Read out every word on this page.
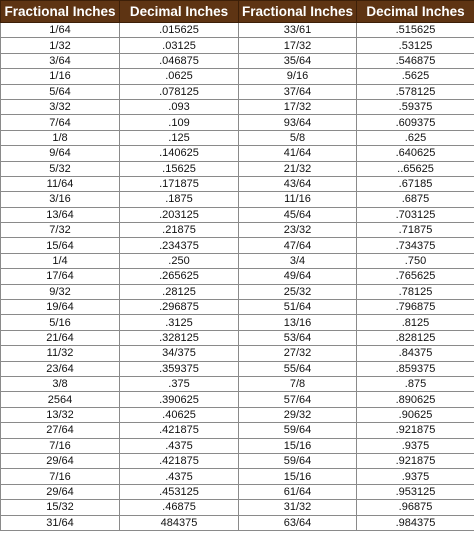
Fractional Inches	Decimal Inches	Fractional Inches	Decimal Inches
1/64	.015625	33/61	.515625
1/32	.03125	17/32	.53125
3/64	.046875	35/64	.546875
1/16	.0625	9/16	.5625
5/64	.078125	37/64	.578125
3/32	.093	17/32	.59375
7/64	.109	93/64	.609375
1/8	.125	5/8	.625
9/64	.140625	41/64	.640625
5/32	.15625	21/32	..65625
11/64	.171875	43/64	.67185
3/16	.1875	11/16	.6875
13/64	.203125	45/64	.703125
7/32	.21875	23/32	.71875
15/64	.234375	47/64	.734375
1/4	.250	3/4	.750
17/64	.265625	49/64	.765625
9/32	.28125	25/32	.78125
19/64	.296875	51/64	.796875
5/16	.3125	13/16	.8125
21/64	.328125	53/64	.828125
11/32	34/375	27/32	.84375
23/64	.359375	55/64	.859375
3/8	.375	7/8	.875
2564	.390625	57/64	.890625
13/32	.40625	29/32	.90625
27/64	.421875	59/64	.921875
7/16	.4375	15/16	.9375
29/64	.421875	59/64	.921875
7/16	.4375	15/16	.9375
29/64	.453125	61/64	.953125
15/32	.46875	31/32	.96875
31/64	484375	63/64	.984375
